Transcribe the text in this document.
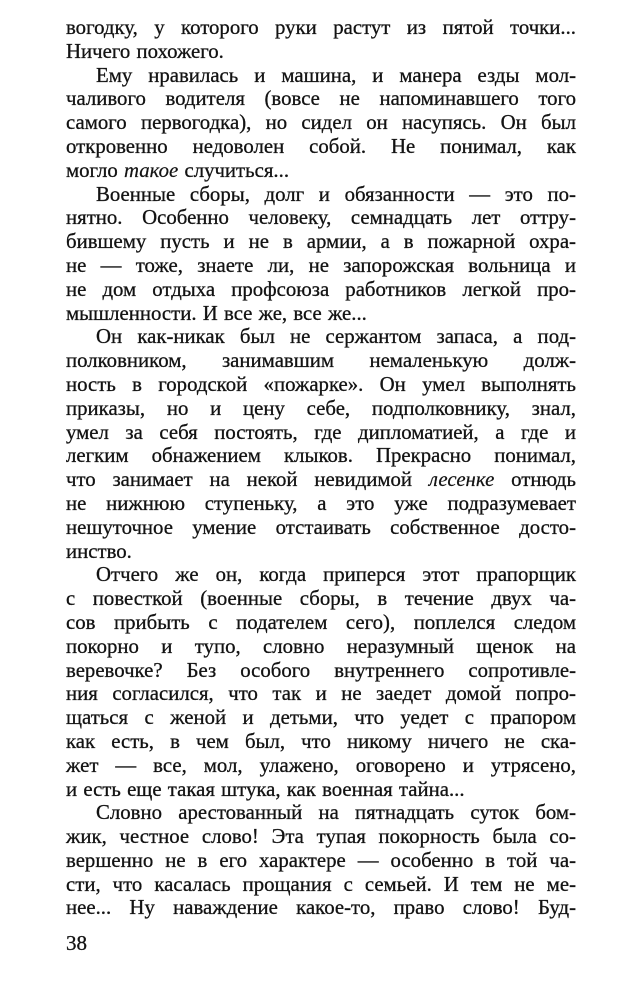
вогодку, у которого руки растут из пятой точки...
Ничего похожего.
Ему нравилась и машина, и манера езды мол-
чаливого водителя (вовсе не напоминавшего того
самого первогодка), но сидел он насупясь. Он был
откровенно недоволен собой. Не понимал, как
могло такое случиться...
Военные сборы, долг и обязанности — это по-
нятно. Особенно человеку, семнадцать лет оттру-
бившему пусть и не в армии, а в пожарной охра-
не — тоже, знаете ли, не запорожская вольница и
не дом отдыха профсоюза работников легкой про-
мышленности. И все же, все же...
Он как-никак был не сержантом запаса, а под-
полковником, занимавшим немаленькую долж-
ность в городской «пожарке». Он умел выполнять
приказы, но и цену себе, подполковнику, знал,
умел за себя постоять, где дипломатией, а где и
легким обнажением клыков. Прекрасно понимал,
что занимает на некой невидимой лесенке отнюдь
не нижнюю ступеньку, а это уже подразумевает
нешуточное умение отстаивать собственное досто-
инство.
Отчего же он, когда приперся этот прапорщик
с повесткой (военные сборы, в течение двух ча-
сов прибыть с подателем сего), поплелся следом
покорно и тупо, словно неразумный щенок на
веревочке? Без особого внутреннего сопротивле-
ния согласился, что так и не заедет домой попро-
щаться с женой и детьми, что уедет с прапором
как есть, в чем был, что никому ничего не ска-
жет — все, мол, улажено, оговорено и утрясено,
и есть еще такая штука, как военная тайна...
Словно арестованный на пятнадцать суток бом-
жик, честное слово! Эта тупая покорность была со-
вершенно не в его характере — особенно в той ча-
сти, что касалась прощания с семьей. И тем не ме-
нее... Ну наваждение какое-то, право слово! Буд-
38
